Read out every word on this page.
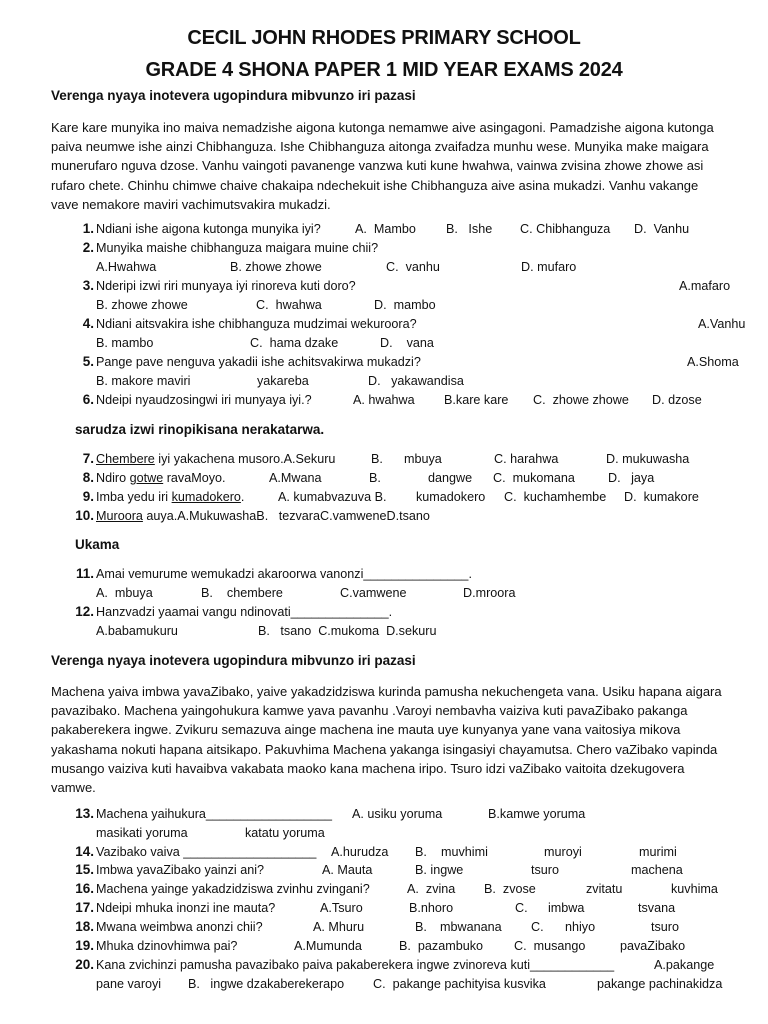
CECIL JOHN RHODES PRIMARY SCHOOL
GRADE 4 SHONA PAPER 1 MID YEAR EXAMS 2024
Verenga nyaya inotevera ugopindura mibvunzo iri pazasi
Kare kare munyika ino maiva nemadzishe aigona kutonga nemamwe aive asingagoni. Pamadzishe aigona kutonga
paiva neumwe ishe ainzi Chibhanguza. Ishe Chibhanguza aitonga zvaifadza munhu wese. Munyika make maigara
munerufaro nguva dzose. Vanhu vaingoti pavanenge vanzwa kuti kune hwahwa, vainwa zvisina zhowe zhowe asi
rufaro chete. Chinhu chimwe chaive chakaipa ndechekuit ishe Chibhanguza aive asina mukadzi. Vanhu vakange
vave nemakore maviri vachimutsvakira mukadzi.
1. Ndiani ishe aigona kutonga munyika iyi?	A.  Mambo B.   Ishe C. Chibhanguza D.  Vanhu
2. Munyika maishe chibhanguza maigara muine chii?
A.Hwahwa	B. zhowe zhowe	C.  vanhu	D. mufaro
3. Nderipi izwi riri munyaya iyi rinoreva kuti doro?	A.mafaro
B. zhowe zhowe	C.  hwahwa	D.  mambo
4. Ndiani aitsvakira ishe chibhanguza mudzimai wekuroora?	A.Vanhu
B. mambo	C.  hama dzake	D.    vana
5. Pange pave nenguva yakadii ishe achitsvakirwa mukadzi?	A.Shoma
B. makore maviri	yakareba	D.   yakawandisa
6. Ndeipi nyaudzosingwi iri munyaya iyi.?	A. hwahwa B.kare kare C.  zhowe zhowe D. dzose
sarudza izwi rinopikisana nerakatarwa.
7. Chembere iyi yakachena musoro.A.Sekuru	B. mbuya	C. harahwa	D. mukuwasha
8. Ndiro gotwe ravaMoyo.	A.Mwana	B.	dangwe C.  mukomana	D.   jaya
9. Imba yedu iri kumadokero.	A. kumabvazuva B. kumadokero C.  kuchamhembe D.  kumakore
10. Muroora auya.A.MukuwashaB.   tezvaraC.vamweneD.tsano
Ukama
11. Amai vemurume wemukadzi akaroorwa vanonzi_______________.
A.  mbuya	B.    chembere	C.vamwene	D.mroora
12. Hanzvadzi yaamai vangu ndinovati______________.
A.babamukuru	B.   tsano  C.mukoma  D.sekuru
Verenga nyaya inotevera ugopindura mibvunzo iri pazasi
Machena yaiva imbwa yavaZibako, yaive yakadzidziswa kurinda pamusha nekuchengeta vana. Usiku hapana aigara
pavazibako. Machena yaingohukura kamwe yava pavanhu .Varoyi nembavha vaiziva kuti pavaZibako pakanga
pakaberekera ingwe. Zvikuru semazuva ainge machena ine mauta uye kunyanya yane vana vaitosiya mikova
yakashama nokuti hapana aitsikapo. Pakuvhima Machena yakanga isingasiyi chayamutsa. Chero vaZibako vapinda
musango vaiziva kuti havaibva vakabata maoko kana machena iripo. Tsuro idzi vaZibako vaitoita dzekugovera
vamwe.
13. Machena yaihukura__________________ A. usiku yoruma	B.kamwe yoruma
masikati yoruma	katatu yoruma
14. Vazibako vaiva ___________________ A.hurudza B. muvhimi	muroyi	murimi
15. Imbwa yavaZibako yainzi ani?	A. Mauta	B. ingwe	tsuro	machena
16. Machena yainge yakadzidziswa zvinhu zvingani?	A.  zvina B.  zvose	zvitatu	kuvhima
17. Ndeipi mhuka inonzi ine mauta?	A.Tsuro	B.nhoro	C. imbwa	tsvana
18. Mwana weimbwa anonzi chii?	A. Mhuru	B. mbwanana C. nhiyo	tsuro
19. Mhuka dzinovhimwa pai?	A.Mumunda	B.  pazambuko C.  musango	pavaZibako
20. Kana zvichinzi pamusha pavazibako paiva pakaberekera ingwe zvinoreva kuti____________	A.pakange
pane varoyi B.   ingwe dzakaberekerapo C.  pakange pachityisa kusvika	pakange pachinakidza
